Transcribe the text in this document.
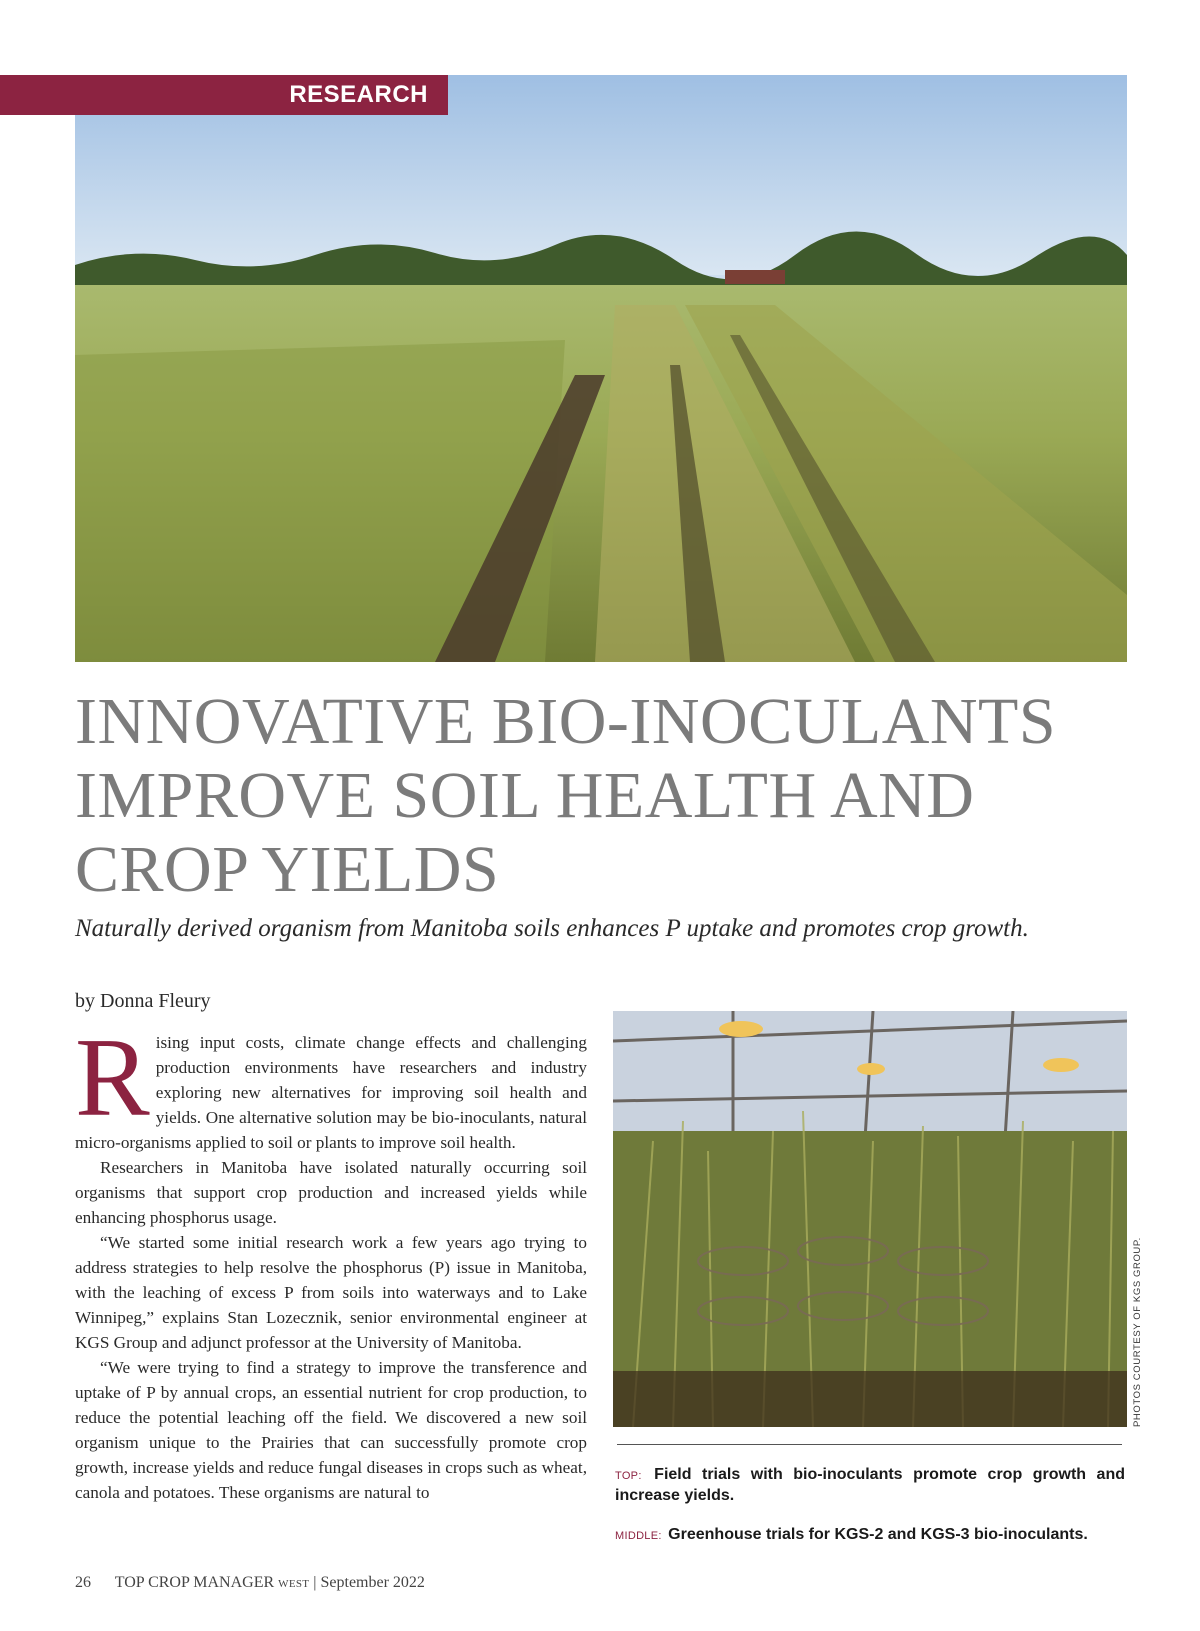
RESEARCH
INNOVATIVE BIO-INOCULANTS IMPROVE SOIL HEALTH AND CROP YIELDS
Naturally derived organism from Manitoba soils enhances P uptake and promotes crop growth.
by Donna Fleury

Rising input costs, climate change effects and challenging production environments have researchers and industry exploring new alternatives for improving soil health and yields. One alternative solution may be bio-inoculants, natural micro-organisms applied to soil or plants to improve soil health.

Researchers in Manitoba have isolated naturally occurring soil organisms that support crop production and increased yields while enhancing phosphorus usage.

“We started some initial research work a few years ago trying to address strategies to help resolve the phosphorus (P) issue in Manitoba, with the leaching of excess P from soils into waterways and to Lake Winnipeg,” explains Stan Lozecznik, senior environmental engineer at KGS Group and adjunct professor at the University of Manitoba.

“We were trying to find a strategy to improve the transference and uptake of P by annual crops, an essential nutrient for crop production, to reduce the potential leaching off the field. We discovered a new soil organism unique to the Prairies that can successfully promote crop growth, increase yields and reduce fungal diseases in crops such as wheat, canola and potatoes. These organisms are natural to

PHOTOS COURTESY OF KGS GROUP.
TOP: Field trials with bio-inoculants promote crop growth and increase yields.
MIDDLE: Greenhouse trials for KGS-2 and KGS-3 bio-inoculants.
26 TOP CROP MANAGER WEST | September 2022
